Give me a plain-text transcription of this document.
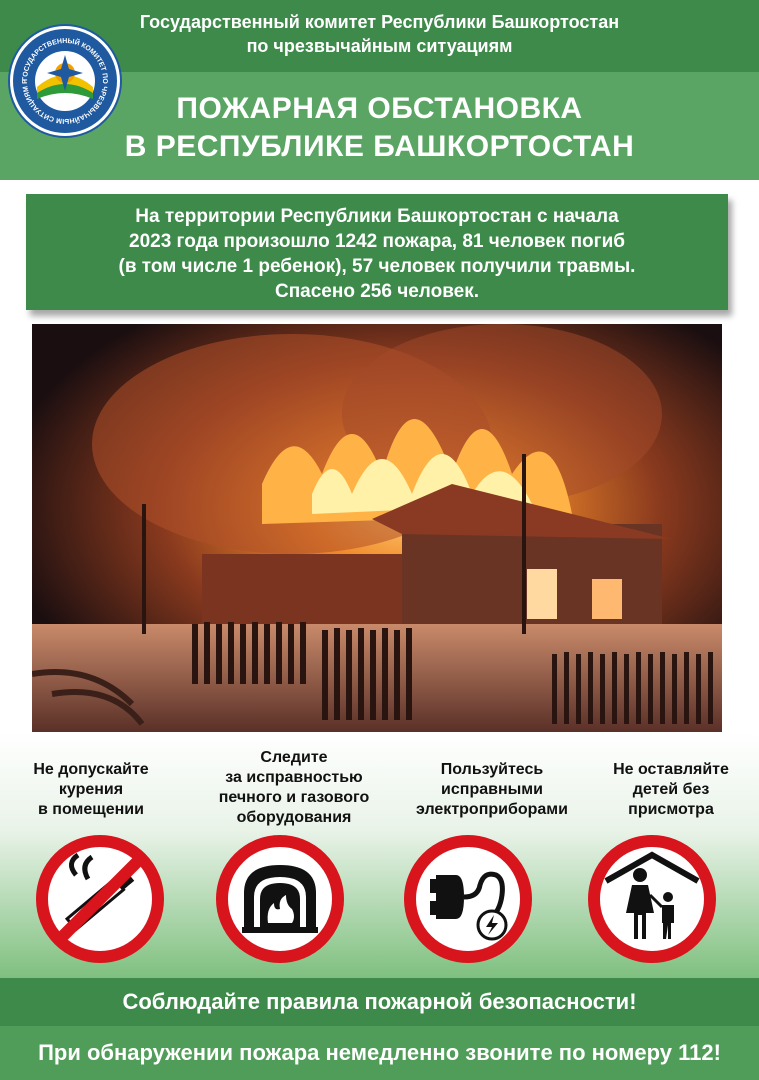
Государственный комитет Республики Башкортостан
по чрезвычайным ситуациям
ПОЖАРНАЯ ОБСТАНОВКА
В РЕСПУБЛИКЕ БАШКОРТОСТАН
ГОСУДАРСТВЕННЫЙ КОМИТЕТ ПО ЧРЕЗВЫЧАЙНЫМ СИТУАЦИЯМ Р
На территории Республики Башкортостан с начала
2023 года произошло 1242 пожара, 81 человек погиб
(в том числе 1 ребенок), 57 человек получили травмы.
Спасено 256 человек.
Не допускайте
курения
в помещении
Следите
за исправностью
печного и газового
оборудования
Пользуйтесь
исправными
электроприборами
Не оставляйте
детей без
присмотра
Соблюдайте правила пожарной безопасности!
При обнаружении пожара немедленно звоните по номеру 112!
